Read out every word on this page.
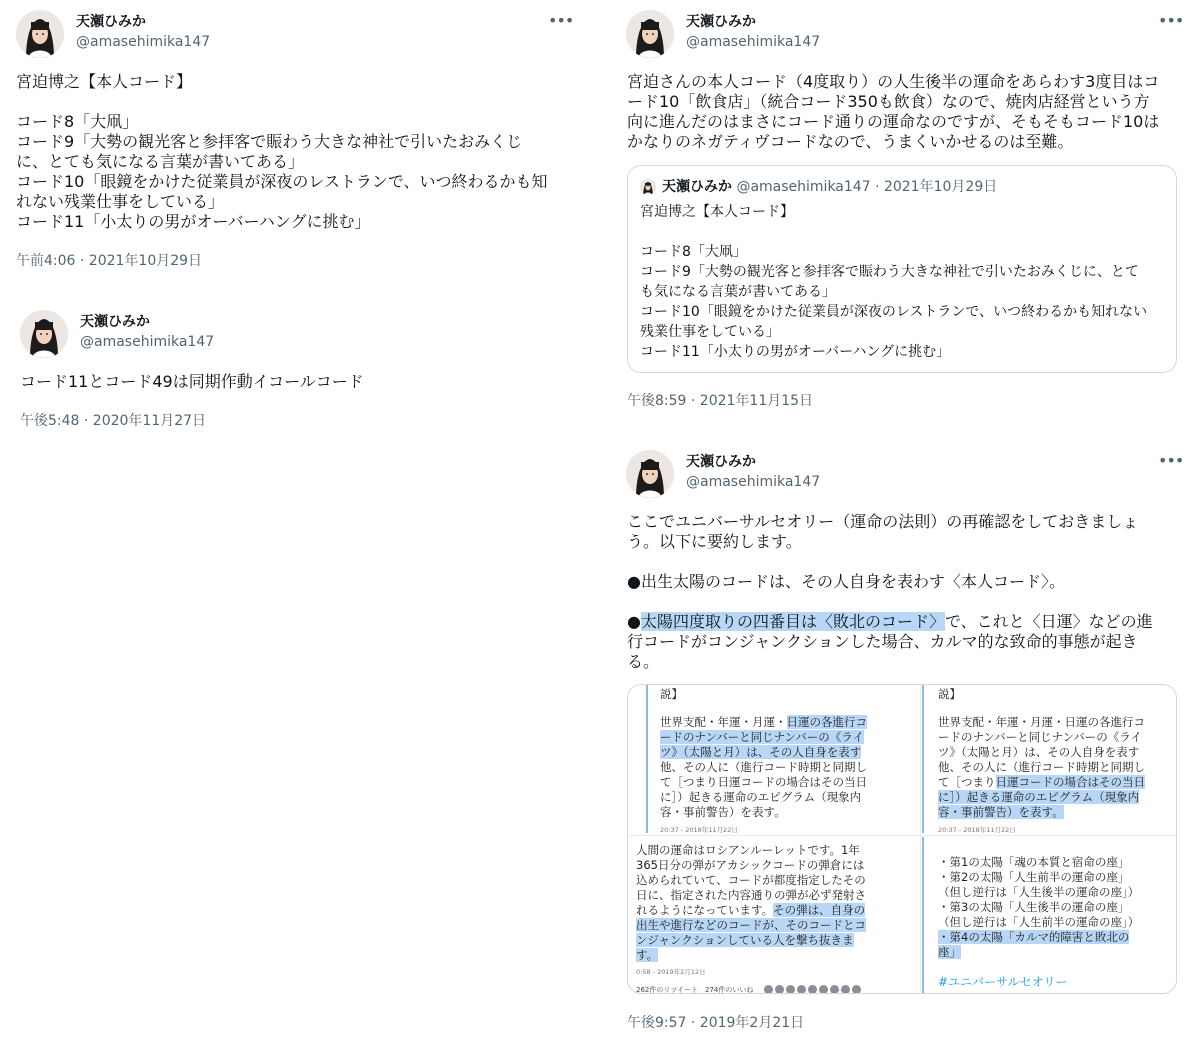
天瀬ひみか
@amasehimika147
•••

宮迫博之【本人コード】

コード8「大凧」

コード9「大勢の観光客と参拝客で賑わう大きな神社で引いたおみくじ

に、とても気になる言葉が書いてある」

コード10「眼鏡をかけた従業員が深夜のレストランで、いつ終わるかも知

れない残業仕事をしている」

コード11「小太りの男がオーバーハングに挑む」

午前4:06 · 2021年10月29日
天瀬ひみか
@amasehimika147

コード11とコード49は同期作動イコールコード

午後5:48 · 2020年11月27日
天瀬ひみか
@amasehimika147
•••

宮迫さんの本人コード（4度取り）の人生後半の運命をあらわす3度目はコ

ード10「飲食店」（統合コード350も飲食）なので、焼肉店経営という方

向に進んだのはまさにコード通りの運命なのですが、そもそもコード10は

かなりのネガティヴコードなので、うまくいかせるのは至難。

天瀬ひみか @amasehimika147 · 2021年10月29日

宮迫博之【本人コード】

コード8「大凧」

コード9「大勢の観光客と参拝客で賑わう大きな神社で引いたおみくじに、とて

も気になる言葉が書いてある」

コード10「眼鏡をかけた従業員が深夜のレストランで、いつ終わるかも知れない

残業仕事をしている」

コード11「小太りの男がオーバーハングに挑む」

午後8:59 · 2021年11月15日
天瀬ひみか
@amasehimika147
•••

ここでユニバーサルセオリー（運命の法則）の再確認をしておきましょ

う。以下に要約します。

●出生太陽のコードは、その人自身を表わす〈本人コード〉。

●太陽四度取りの四番目は〈敗北のコード〉で、これと〈日運〉などの進

行コードがコンジャンクションした場合、カルマ的な致命的事態が起き

る。

説】

世界支配・年運・月運・日運の各進行コ

ードのナンバーと同じナンバーの《ライ

ツ》（太陽と月）は、その人自身を表す

他、その人に（進行コード時期と同期し

て［つまり日運コードの場合はその当日

に］）起きる運命のエピグラム（現象内

容・事前警告）を表す。

20:37 - 2018年11月22日
説】

世界支配・年運・月運・日運の各進行コ

ードのナンバーと同じナンバーの《ライ

ツ》（太陽と月）は、その人自身を表す

他、その人に（進行コード時期と同期し

て［つまり日運コードの場合はその当日

に］）起きる運命のエピグラム（現象内

容・事前警告）を表す。

20:37 - 2018年11月22日

人間の運命はロシアンルーレットです。1年

365日分の弾がアカシックコードの弾倉には

込められていて、コードが都度指定したその

日に、指定された内容通りの弾が必ず発射さ

れるようになっています。その弾は、自身の

出生や進行などのコードが、そのコードとコ

ンジャンクションしている人を撃ち抜きま

す。

0:58 - 2019年2月12日
262件のリツイート　274件のいいね

・第1の太陽「魂の本質と宿命の座」

・第2の太陽「人生前半の運命の座」

（但し逆行は「人生後半の運命の座」）

・第3の太陽「人生後半の運命の座」

（但し逆行は「人生前半の運命の座」）

・第4の太陽「カルマ的障害と敗北の

座」

#ユニバーサルセオリー
午後9:57 · 2019年2月21日
